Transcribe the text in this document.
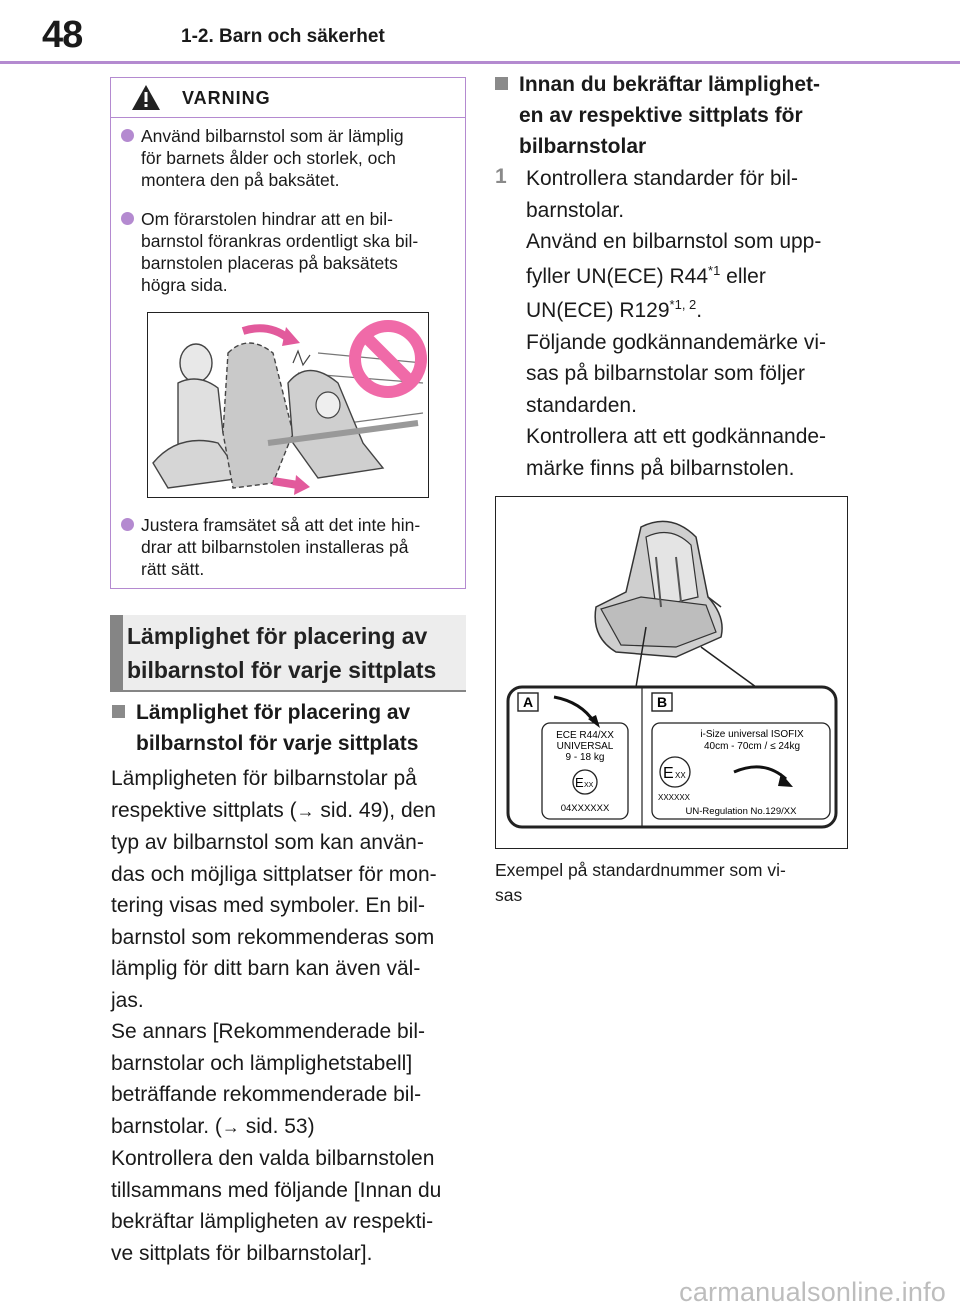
48	1-2. Barn och säkerhet
VARNING
Använd bilbarnstol som är lämplig
för barnets ålder och storlek, och
montera den på baksätet.
Om förarstolen hindrar att en bil-
barnstol förankras ordentligt ska bil-
barnstolen placeras på baksätets
högra sida.
Justera framsätet så att det inte hin-
drar att bilbarnstolen installeras på
rätt sätt.
Lämplighet för placering av
bilbarnstol för varje sittplats
Lämplighet för placering av
bilbarnstol för varje sittplats

Lämpligheten för bilbarnstolar på

respektive sittplats (→ sid. 49), den

typ av bilbarnstol som kan använ-

das och möjliga sittplatser för mon-

tering visas med symboler. En bil-

barnstol som rekommenderas som

lämplig för ditt barn kan även väl-

jas.

Se annars [Rekommenderade bil-

barnstolar och lämplighetstabell]

beträffande rekommenderade bil-

barnstolar. (→ sid. 53)

Kontrollera den valda bilbarnstolen

tillsammans med följande [Innan du

bekräftar lämpligheten av respekti-

ve sittplats för bilbarnstolar].

Innan du bekräftar lämplighet-
en av respektive sittplats för
bilbarnstolar
1 Kontrollera standarder för bil-

barnstolar.

Använd en bilbarnstol som upp-

fyller UN(ECE) R44$^{*1}$ eller

UN(ECE) R129$^{*1, 2}$.

Följande godkännandemärke vi-

sas på bilbarnstolar som följer

standarden.

Kontrollera att ett godkännande-

märke finns på bilbarnstolen.

A	B
ECE R44/XX
UNIVERSAL
9 - 18 kg
E XX
04XXXXXX
i-Size universal ISOFIX
40cm - 70cm / ≤ 24kg
E XX
XXXXXX
UN-Regulation No.129/XX
Exempel på standardnummer som vi-
sas
carmanualsonline.info
